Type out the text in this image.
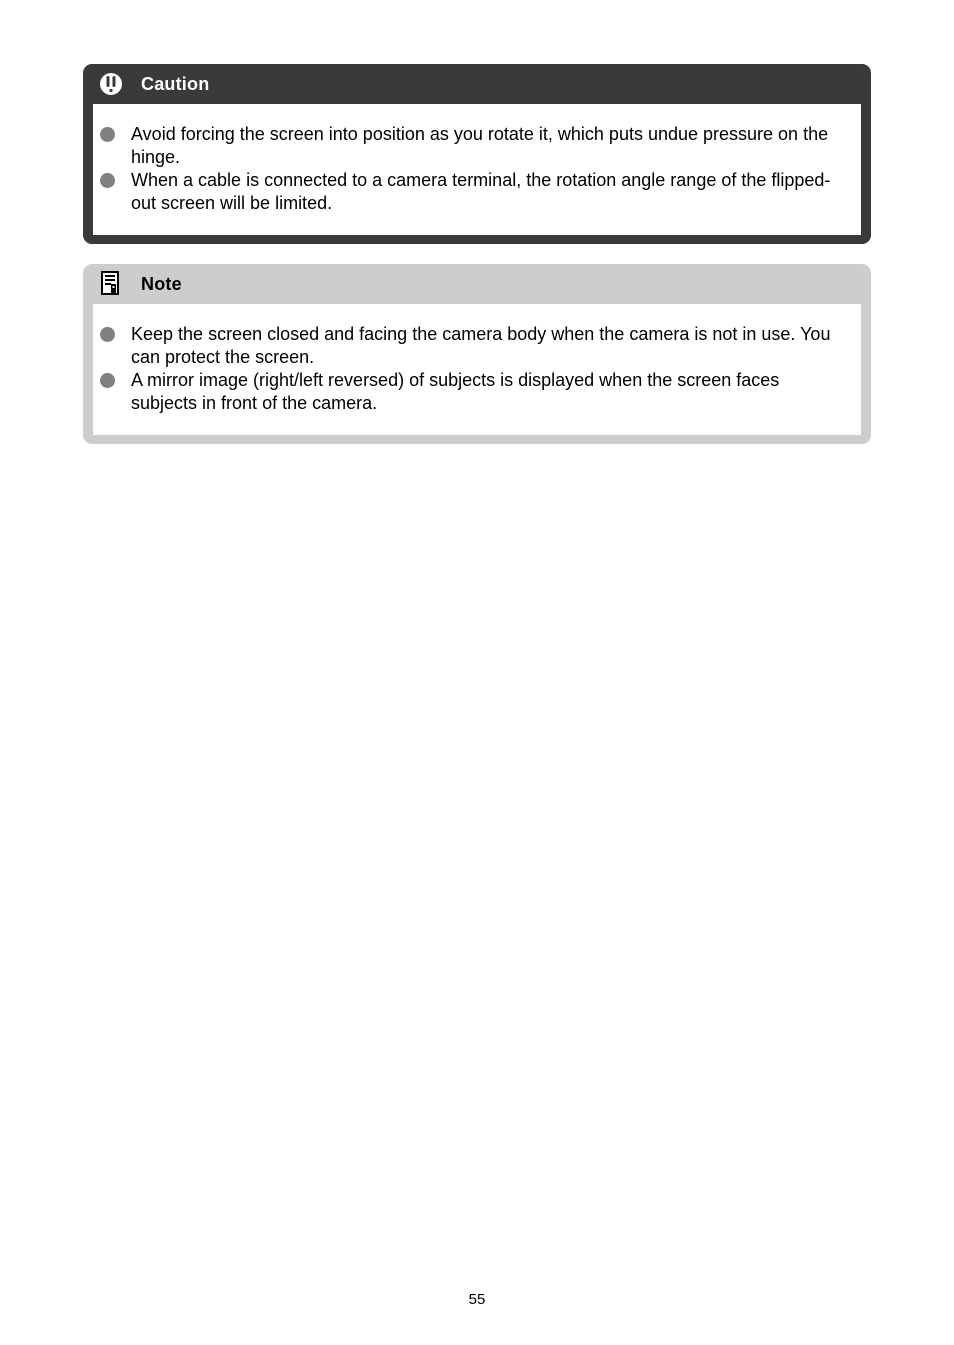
Caution
Avoid forcing the screen into position as you rotate it, which puts undue pressure on the hinge.
When a cable is connected to a camera terminal, the rotation angle range of the flipped-out screen will be limited.
Note
Keep the screen closed and facing the camera body when the camera is not in use. You can protect the screen.
A mirror image (right/left reversed) of subjects is displayed when the screen faces subjects in front of the camera.
55
